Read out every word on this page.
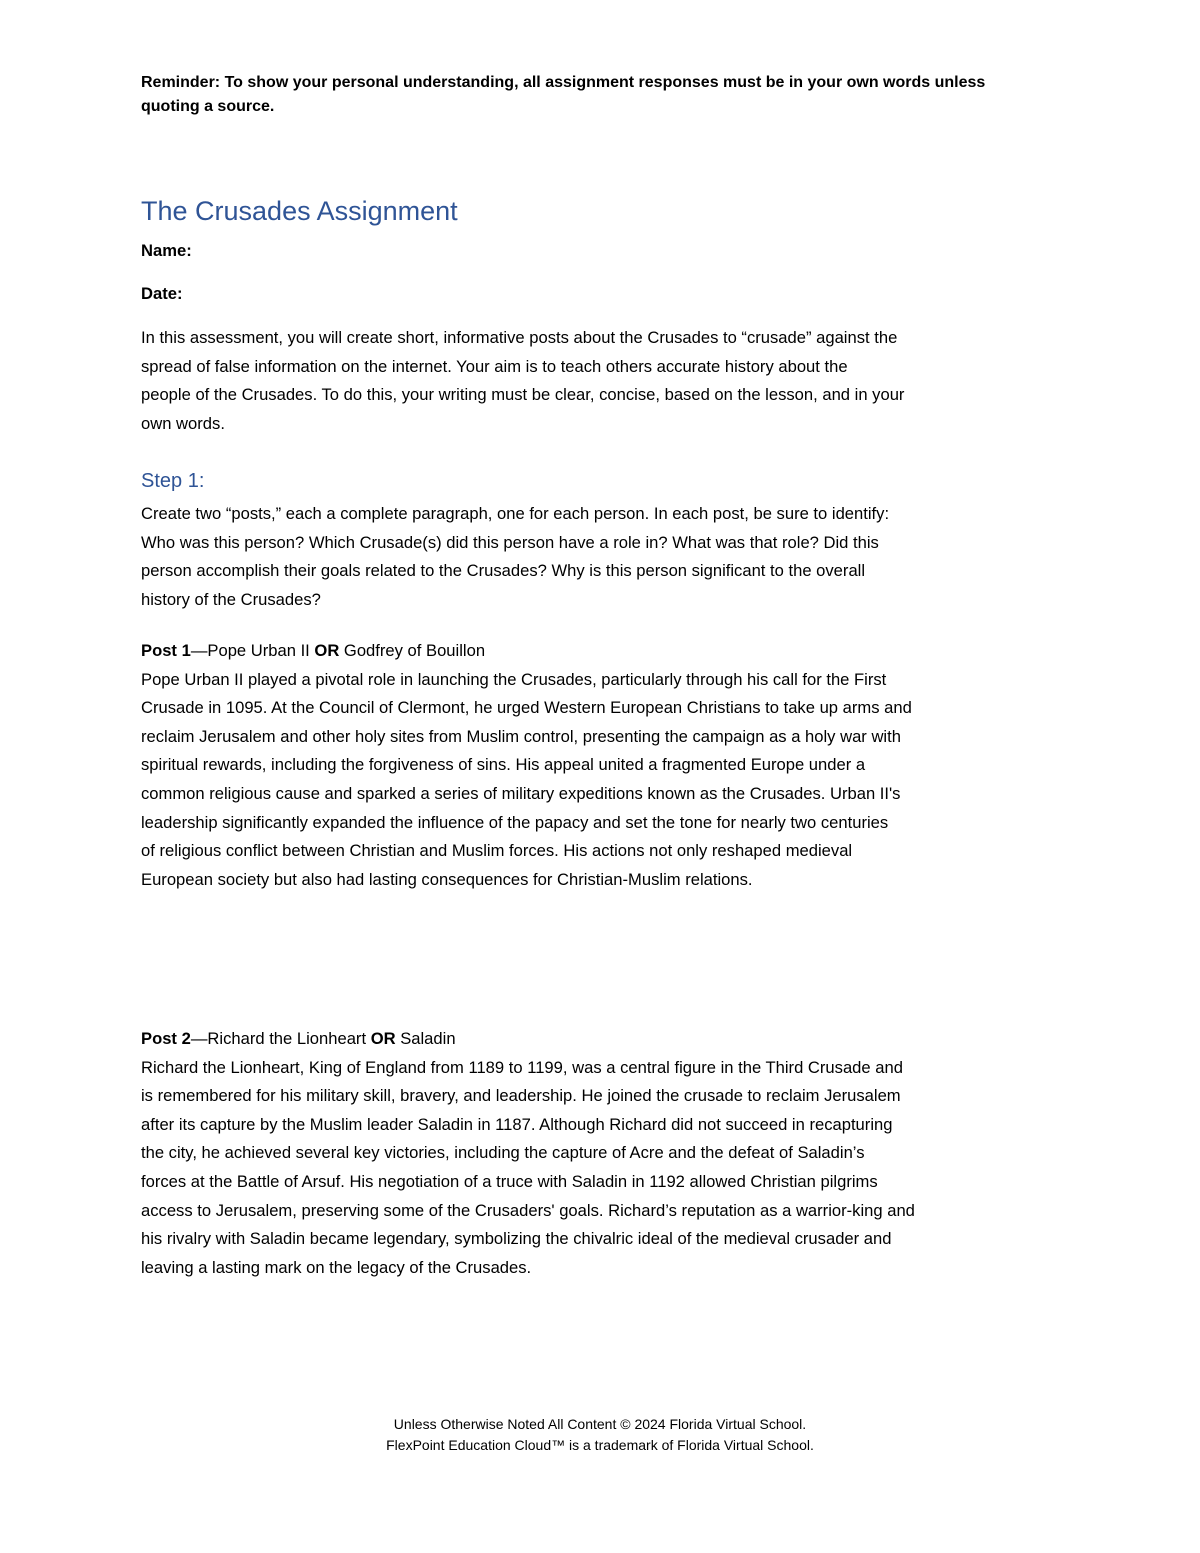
Reminder: To show your personal understanding, all assignment responses must be in your own words unless
quoting a source.
The Crusades Assignment
Name:
Date:
In this assessment, you will create short, informative posts about the Crusades to “crusade” against the
spread of false information on the internet. Your aim is to teach others accurate history about the
people of the Crusades. To do this, your writing must be clear, concise, based on the lesson, and in your
own words.
Step 1:
Create two “posts,” each a complete paragraph, one for each person. In each post, be sure to identify:
Who was this person? Which Crusade(s) did this person have a role in? What was that role? Did this
person accomplish their goals related to the Crusades? Why is this person significant to the overall
history of the Crusades?
Post 1—Pope Urban II OR Godfrey of Bouillon
Pope Urban II played a pivotal role in launching the Crusades, particularly through his call for the First
Crusade in 1095. At the Council of Clermont, he urged Western European Christians to take up arms and
reclaim Jerusalem and other holy sites from Muslim control, presenting the campaign as a holy war with
spiritual rewards, including the forgiveness of sins. His appeal united a fragmented Europe under a
common religious cause and sparked a series of military expeditions known as the Crusades. Urban II's
leadership significantly expanded the influence of the papacy and set the tone for nearly two centuries
of religious conflict between Christian and Muslim forces. His actions not only reshaped medieval
European society but also had lasting consequences for Christian-Muslim relations.
Post 2—Richard the Lionheart OR Saladin
Richard the Lionheart, King of England from 1189 to 1199, was a central figure in the Third Crusade and
is remembered for his military skill, bravery, and leadership. He joined the crusade to reclaim Jerusalem
after its capture by the Muslim leader Saladin in 1187. Although Richard did not succeed in recapturing
the city, he achieved several key victories, including the capture of Acre and the defeat of Saladin’s
forces at the Battle of Arsuf. His negotiation of a truce with Saladin in 1192 allowed Christian pilgrims
access to Jerusalem, preserving some of the Crusaders' goals. Richard’s reputation as a warrior-king and
his rivalry with Saladin became legendary, symbolizing the chivalric ideal of the medieval crusader and
leaving a lasting mark on the legacy of the Crusades.
Unless Otherwise Noted All Content © 2024 Florida Virtual School.
FlexPoint Education Cloud™ is a trademark of Florida Virtual School.
